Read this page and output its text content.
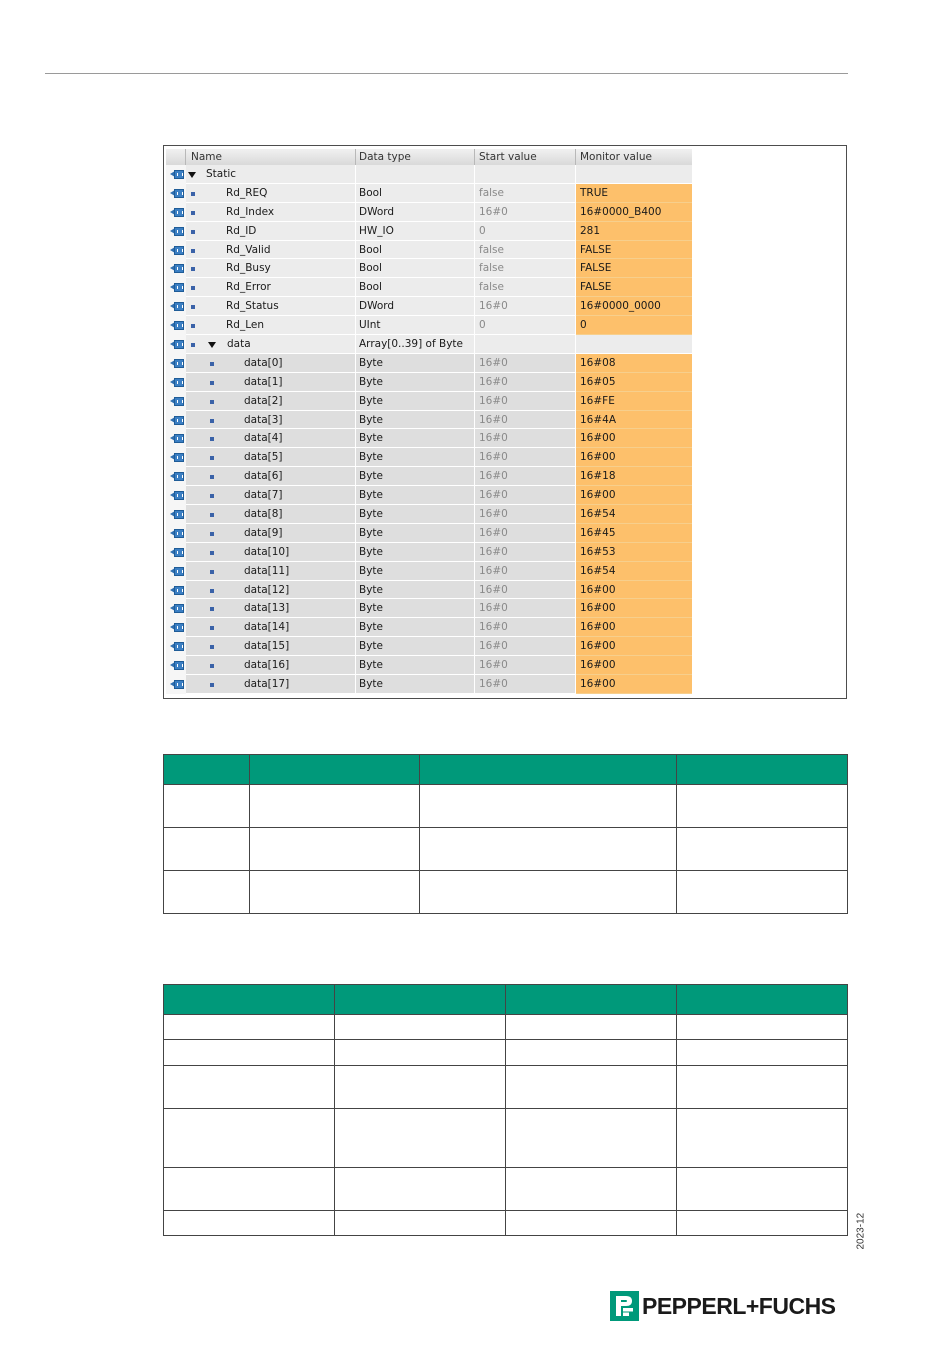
Name	Data type	Start value	Monitor value
Static
Rd_REQ	Bool	false	TRUE
Rd_Index	DWord	16#0	16#0000_B400
Rd_ID	HW_IO	0	281
Rd_Valid	Bool	false	FALSE
Rd_Busy	Bool	false	FALSE
Rd_Error	Bool	false	FALSE
Rd_Status	DWord	16#0	16#0000_0000
Rd_Len	UInt	0	0
data	Array[0..39] of Byte
data[0]	Byte	16#0	16#08
data[1]	Byte	16#0	16#05
data[2]	Byte	16#0	16#FE
data[3]	Byte	16#0	16#4A
data[4]	Byte	16#0	16#00
data[5]	Byte	16#0	16#00
data[6]	Byte	16#0	16#18
data[7]	Byte	16#0	16#00
data[8]	Byte	16#0	16#54
data[9]	Byte	16#0	16#45
data[10]	Byte	16#0	16#53
data[11]	Byte	16#0	16#54
data[12]	Byte	16#0	16#00
data[13]	Byte	16#0	16#00
data[14]	Byte	16#0	16#00
data[15]	Byte	16#0	16#00
data[16]	Byte	16#0	16#00
data[17]	Byte	16#0	16#00

2023-12
PEPPERL+FUCHS
